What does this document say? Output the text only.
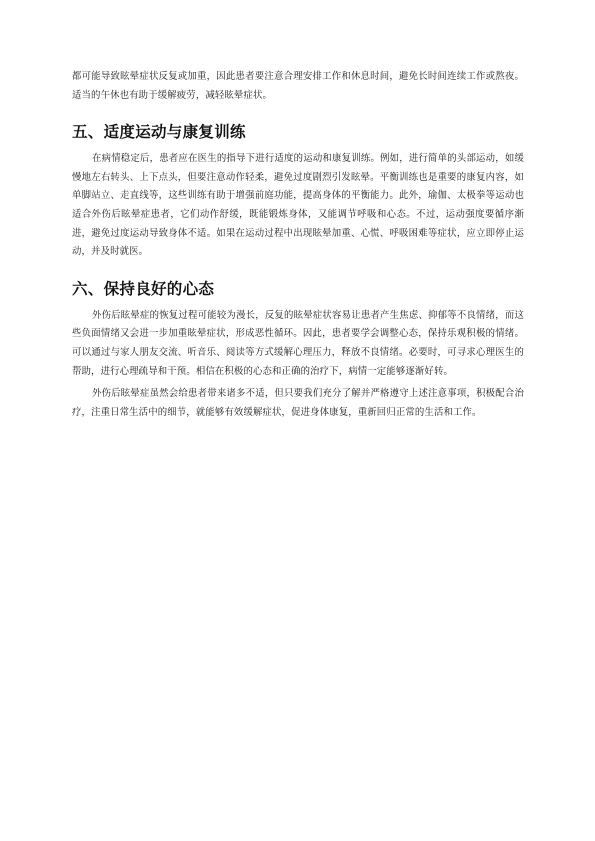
都可能导致眩晕症状反复或加重，因此患者要注意合理安排工作和休息时间，避免长时间连续工作或熬夜。适当的午休也有助于缓解疲劳，减轻眩晕症状。

五、适度运动与康复训练

在病情稳定后，患者应在医生的指导下进行适度的运动和康复训练。例如，进行简单的头部运动，如缓慢地左右转头、上下点头，但要注意动作轻柔，避免过度剧烈引发眩晕。平衡训练也是重要的康复内容，如单脚站立、走直线等，这些训练有助于增强前庭功能，提高身体的平衡能力。此外，瑜伽、太极拳等运动也适合外伤后眩晕症患者，它们动作舒缓，既能锻炼身体，又能调节呼吸和心态。不过，运动强度要循序渐进，避免过度运动导致身体不适。如果在运动过程中出现眩晕加重、心慌、呼吸困难等症状，应立即停止运动，并及时就医。

六、保持良好的心态

外伤后眩晕症的恢复过程可能较为漫长，反复的眩晕症状容易让患者产生焦虑、抑郁等不良情绪，而这些负面情绪又会进一步加重眩晕症状，形成恶性循环。因此，患者要学会调整心态，保持乐观积极的情绪。可以通过与家人朋友交流、听音乐、阅读等方式缓解心理压力，释放不良情绪。必要时，可寻求心理医生的帮助，进行心理疏导和干预。相信在积极的心态和正确的治疗下，病情一定能够逐渐好转。

外伤后眩晕症虽然会给患者带来诸多不适，但只要我们充分了解并严格遵守上述注意事项，积极配合治疗，注重日常生活中的细节，就能够有效缓解症状，促进身体康复，重新回归正常的生活和工作。
